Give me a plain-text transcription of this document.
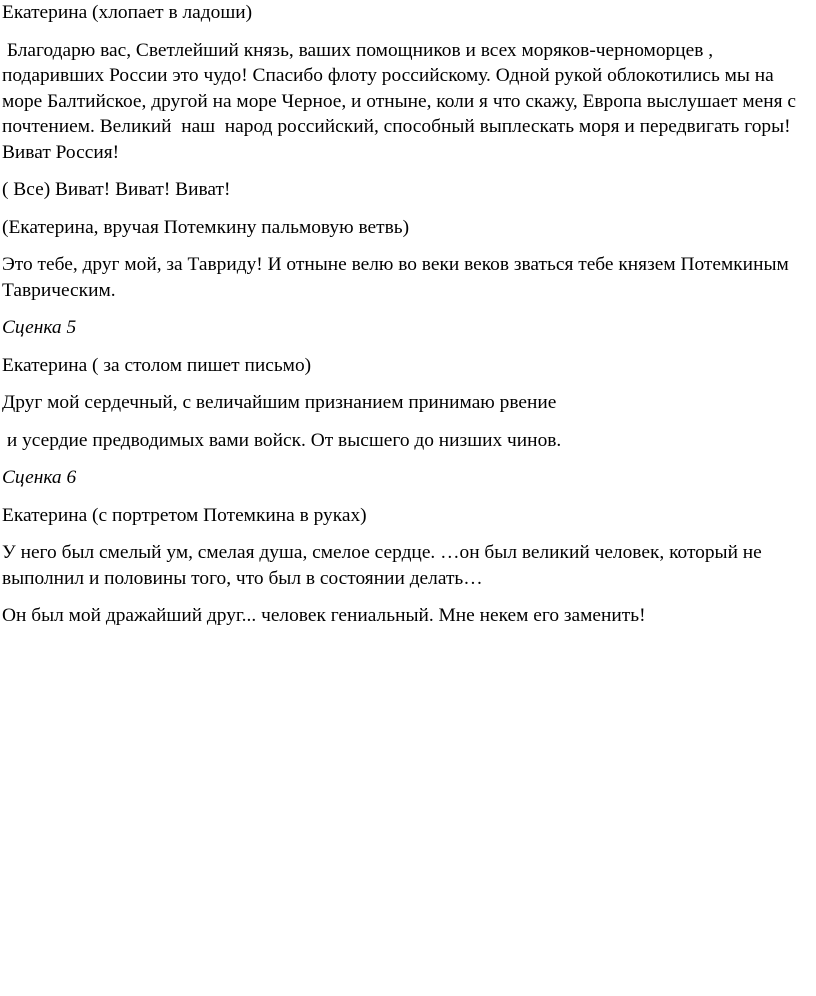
Екатерина (хлопает в ладоши)

Благодарю вас, Светлейший князь, ваших помощников и всех моряков-черноморцев , подаривших России это чудо! Спасибо флоту российскому. Одной рукой облокотились мы на море Балтийское, другой на море Черное, и отныне, коли я что скажу, Европа выслушает меня с почтением. Великий  наш  народ российский, способный выплескать моря и передвигать горы! Виват Россия!

( Все) Виват! Виват! Виват!

(Екатерина, вручая Потемкину пальмовую ветвь)

Это тебе, друг мой, за Тавриду! И отныне велю во веки веков зваться тебе князем Потемкиным Таврическим.

Сценка 5

Екатерина ( за столом пишет письмо)

Друг мой сердечный, с величайшим признанием принимаю рвение

и усердие предводимых вами войск. От высшего до низших чинов.

Сценка 6

Екатерина (с портретом Потемкина в руках)

У него был смелый ум, смелая душа, смелое сердце. …он был великий человек, который не выполнил и половины того, что был в состоянии делать…

Он был мой дражайший друг... человек гениальный. Мне некем его заменить!
